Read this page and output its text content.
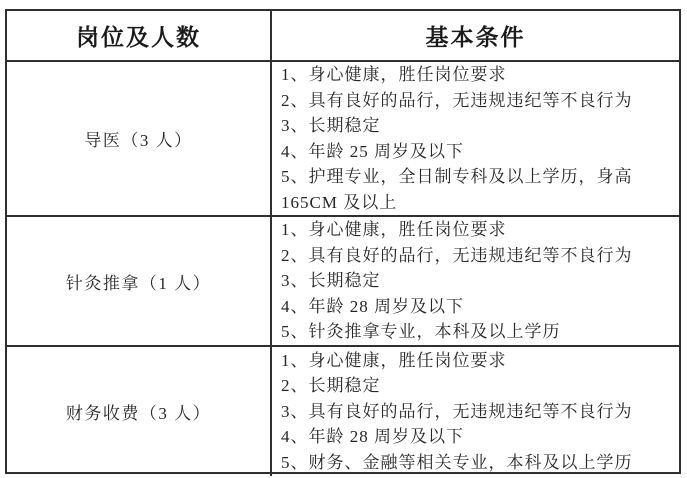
岗位及人数	基本条件
导医（3 人）
1、身心健康，胜任岗位要求
2、具有良好的品行，无违规违纪等不良行为
3、长期稳定
4、年龄 25 周岁及以下
5、护理专业，全日制专科及以上学历，身高
165CM 及以上
针灸推拿（1 人）
1、身心健康，胜任岗位要求
2、具有良好的品行，无违规违纪等不良行为
3、长期稳定
4、年龄 28 周岁及以下
5、针灸推拿专业，本科及以上学历
财务收费（3 人）
1、身心健康，胜任岗位要求
2、长期稳定
3、具有良好的品行，无违规违纪等不良行为
4、年龄 28 周岁及以下
5、财务、金融等相关专业，本科及以上学历
